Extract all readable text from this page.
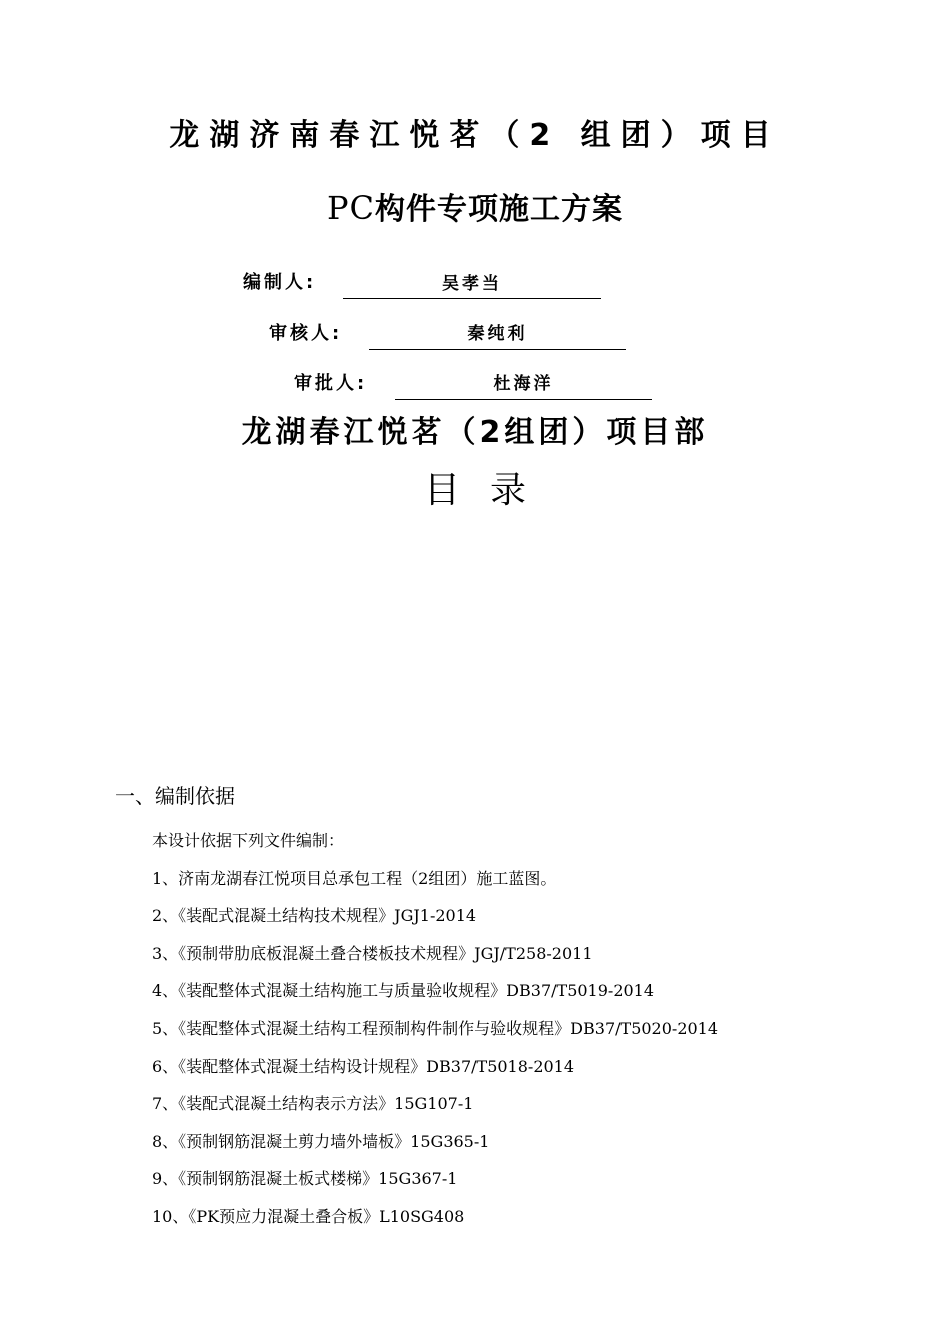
龙湖济南春江悦茗（2 组团）项目
PC构件专项施工方案
编制人:	吴孝当
审核人:	秦纯利
审批人:	杜海洋
龙湖春江悦茗（2组团）项目部
目录
一、编制依据
本设计依据下列文件编制：
1、济南龙湖春江悦项目总承包工程（2组团）施工蓝图。
2、《装配式混凝土结构技术规程》JGJ1-2014
3、《预制带肋底板混凝土叠合楼板技术规程》JGJ/T258-2011
4、《装配整体式混凝土结构施工与质量验收规程》DB37/T5019-2014
5、《装配整体式混凝土结构工程预制构件制作与验收规程》DB37/T5020-2014
6、《装配整体式混凝土结构设计规程》DB37/T5018-2014
7、《装配式混凝土结构表示方法》15G107-1
8、《预制钢筋混凝土剪力墙外墙板》15G365-1
9、《预制钢筋混凝土板式楼梯》15G367-1
10、《PK预应力混凝土叠合板》L10SG408
